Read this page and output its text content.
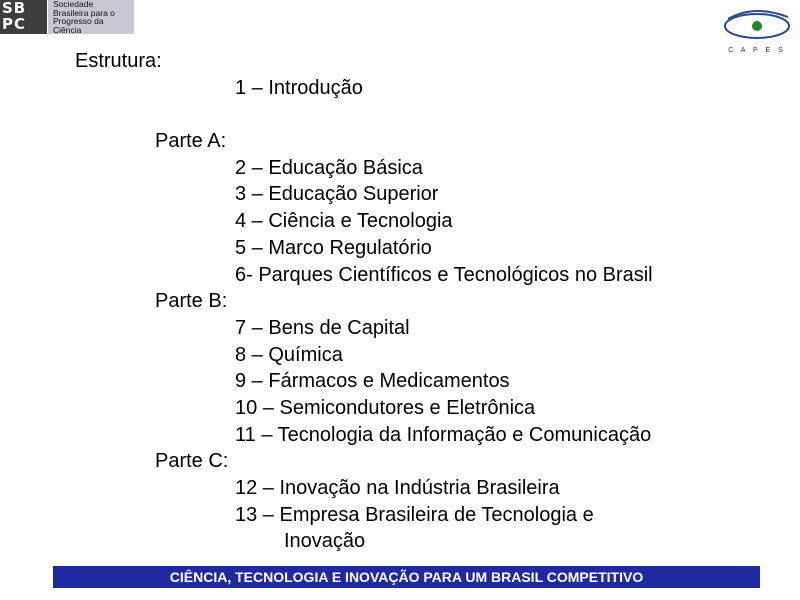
SB
PC
Sociedade
Brasileira para o
Progresso da
Ciência
C A P E S
Estrutura:
1 – Introdução
Parte A:
2 – Educação Básica
3 – Educação Superior
4 – Ciência e Tecnologia
5 – Marco Regulatório
6- Parques Científicos e Tecnológicos no Brasil
Parte B:
7 – Bens de Capital
8 – Química
9 – Fármacos e Medicamentos
10 – Semicondutores e Eletrônica
11 – Tecnologia da Informação e Comunicação
Parte C:
12 – Inovação na Indústria Brasileira
13 – Empresa Brasileira de Tecnologia e
Inovação
CIÊNCIA, TECNOLOGIA E INOVAÇÃO PARA UM BRASIL COMPETITIVO
